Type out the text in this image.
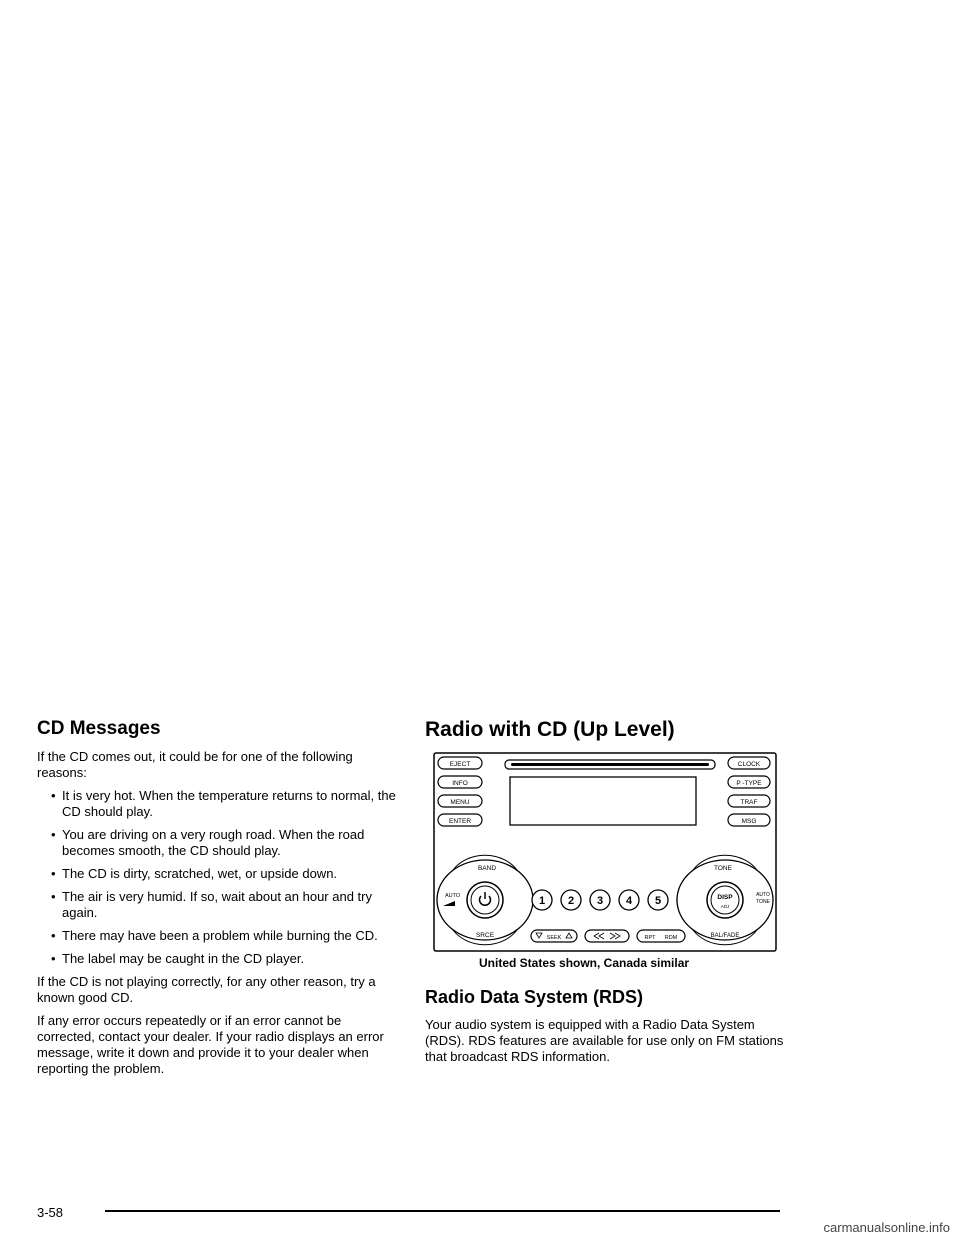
CD Messages

If the CD comes out, it could be for one of the following reasons:

• It is very hot. When the temperature returns to normal, the CD should play.
• You are driving on a very rough road. When the road becomes smooth, the CD should play.
• The CD is dirty, scratched, wet, or upside down.
• The air is very humid. If so, wait about an hour and try again.
• There may have been a problem while burning the CD.
• The label may be caught in the CD player.

If the CD is not playing correctly, for any other reason, try a known good CD.

If any error occurs repeatedly or if an error cannot be corrected, contact your dealer. If your radio displays an error message, write it down and provide it to your dealer when reporting the problem.

Radio with CD (Up Level)
EJECT
INFO
MENU
ENTER
CLOCK
P -TYPE
TRAF
MSG
BAND
SRCE
AUTO	1 2 3 4 5
TONE
BAL/FADE
AUTO
TONE
DISP
ADJ
SEEK	RPT RDM
United States shown, Canada similar
Radio Data System (RDS)

Your audio system is equipped with a Radio Data System (RDS). RDS features are available for use only on FM stations that broadcast RDS information.

3-58
carmanualsonline.info
